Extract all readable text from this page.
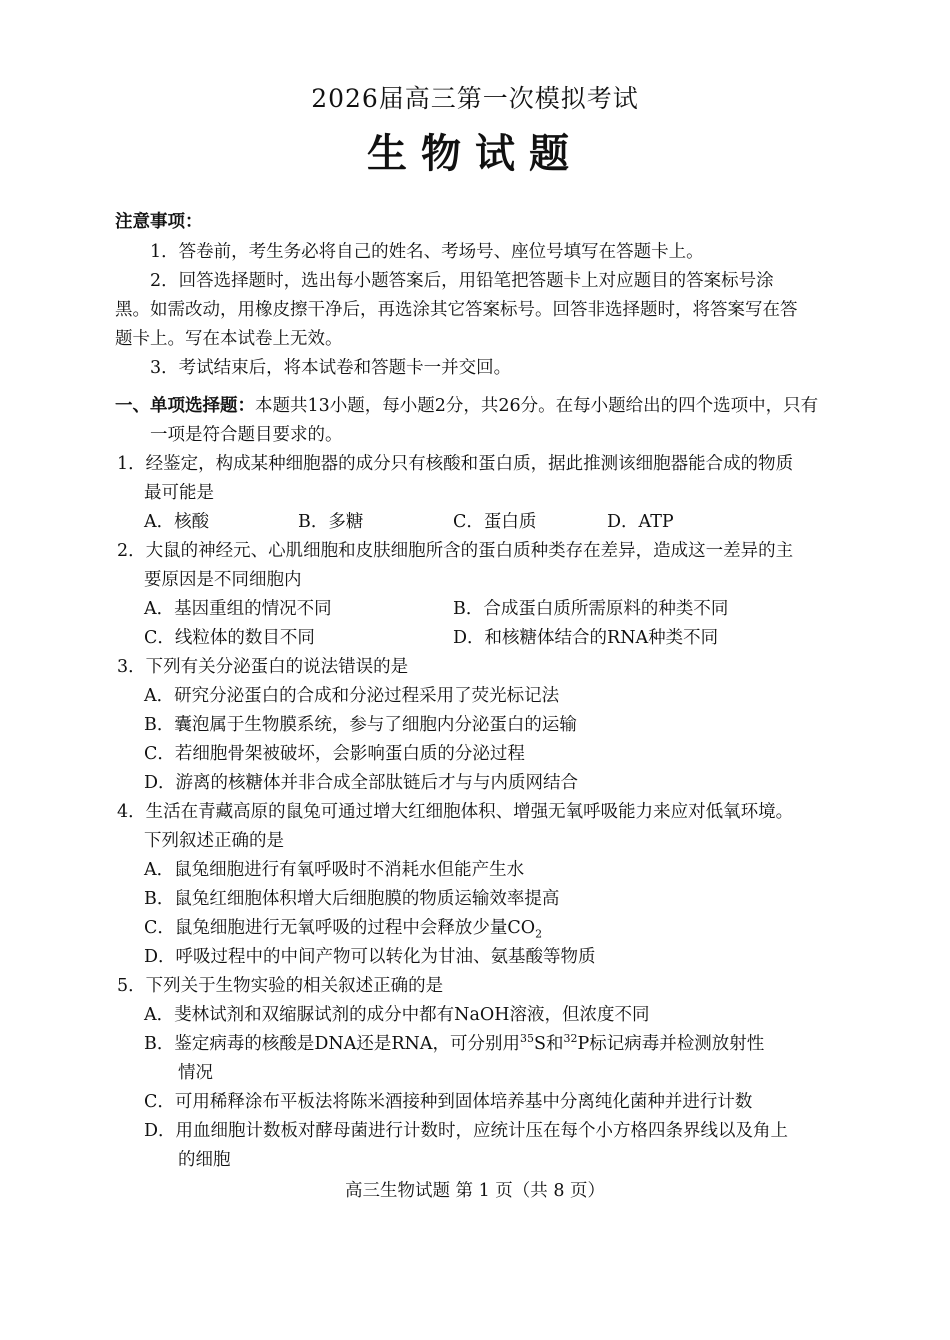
2026届高三第一次模拟考试
生物试题
注意事项：
1．答卷前，考生务必将自己的姓名、考场号、座位号填写在答题卡上。
2．回答选择题时，选出每小题答案后，用铅笔把答题卡上对应题目的答案标号涂
黑。如需改动，用橡皮擦干净后，再选涂其它答案标号。回答非选择题时，将答案写在答
题卡上。写在本试卷上无效。
3．考试结束后，将本试卷和答题卡一并交回。
一、单项选择题：本题共13小题，每小题2分，共26分。在每小题给出的四个选项中，只有
一项是符合题目要求的。
1．经鉴定，构成某种细胞器的成分只有核酸和蛋白质，据此推测该细胞器能合成的物质
最可能是
A．核酸	B．多糖	C．蛋白质	D．ATP
2．大鼠的神经元、心肌细胞和皮肤细胞所含的蛋白质种类存在差异，造成这一差异的主
要原因是不同细胞内
A．基因重组的情况不同	B．合成蛋白质所需原料的种类不同
C．线粒体的数目不同	D．和核糖体结合的RNA种类不同
3．下列有关分泌蛋白的说法错误的是
A．研究分泌蛋白的合成和分泌过程采用了荧光标记法
B．囊泡属于生物膜系统，参与了细胞内分泌蛋白的运输
C．若细胞骨架被破坏，会影响蛋白质的分泌过程
D．游离的核糖体并非合成全部肽链后才与与内质网结合
4．生活在青藏高原的鼠兔可通过增大红细胞体积、增强无氧呼吸能力来应对低氧环境。
下列叙述正确的是
A．鼠兔细胞进行有氧呼吸时不消耗水但能产生水
B．鼠兔红细胞体积增大后细胞膜的物质运输效率提高
C．鼠兔细胞进行无氧呼吸的过程中会释放少量$CO_2$
D．呼吸过程中的中间产物可以转化为甘油、氨基酸等物质
5．下列关于生物实验的相关叙述正确的是
A．斐林试剂和双缩脲试剂的成分中都有NaOH溶液，但浓度不同
B．鉴定病毒的核酸是DNA还是RNA，可分别用$^{35}$S和$^{32}$P标记病毒并检测放射性
情况
C．可用稀释涂布平板法将陈米酒接种到固体培养基中分离纯化菌种并进行计数
D．用血细胞计数板对酵母菌进行计数时，应统计压在每个小方格四条界线以及角上
的细胞
高三生物试题 第 1 页（共 8 页）
